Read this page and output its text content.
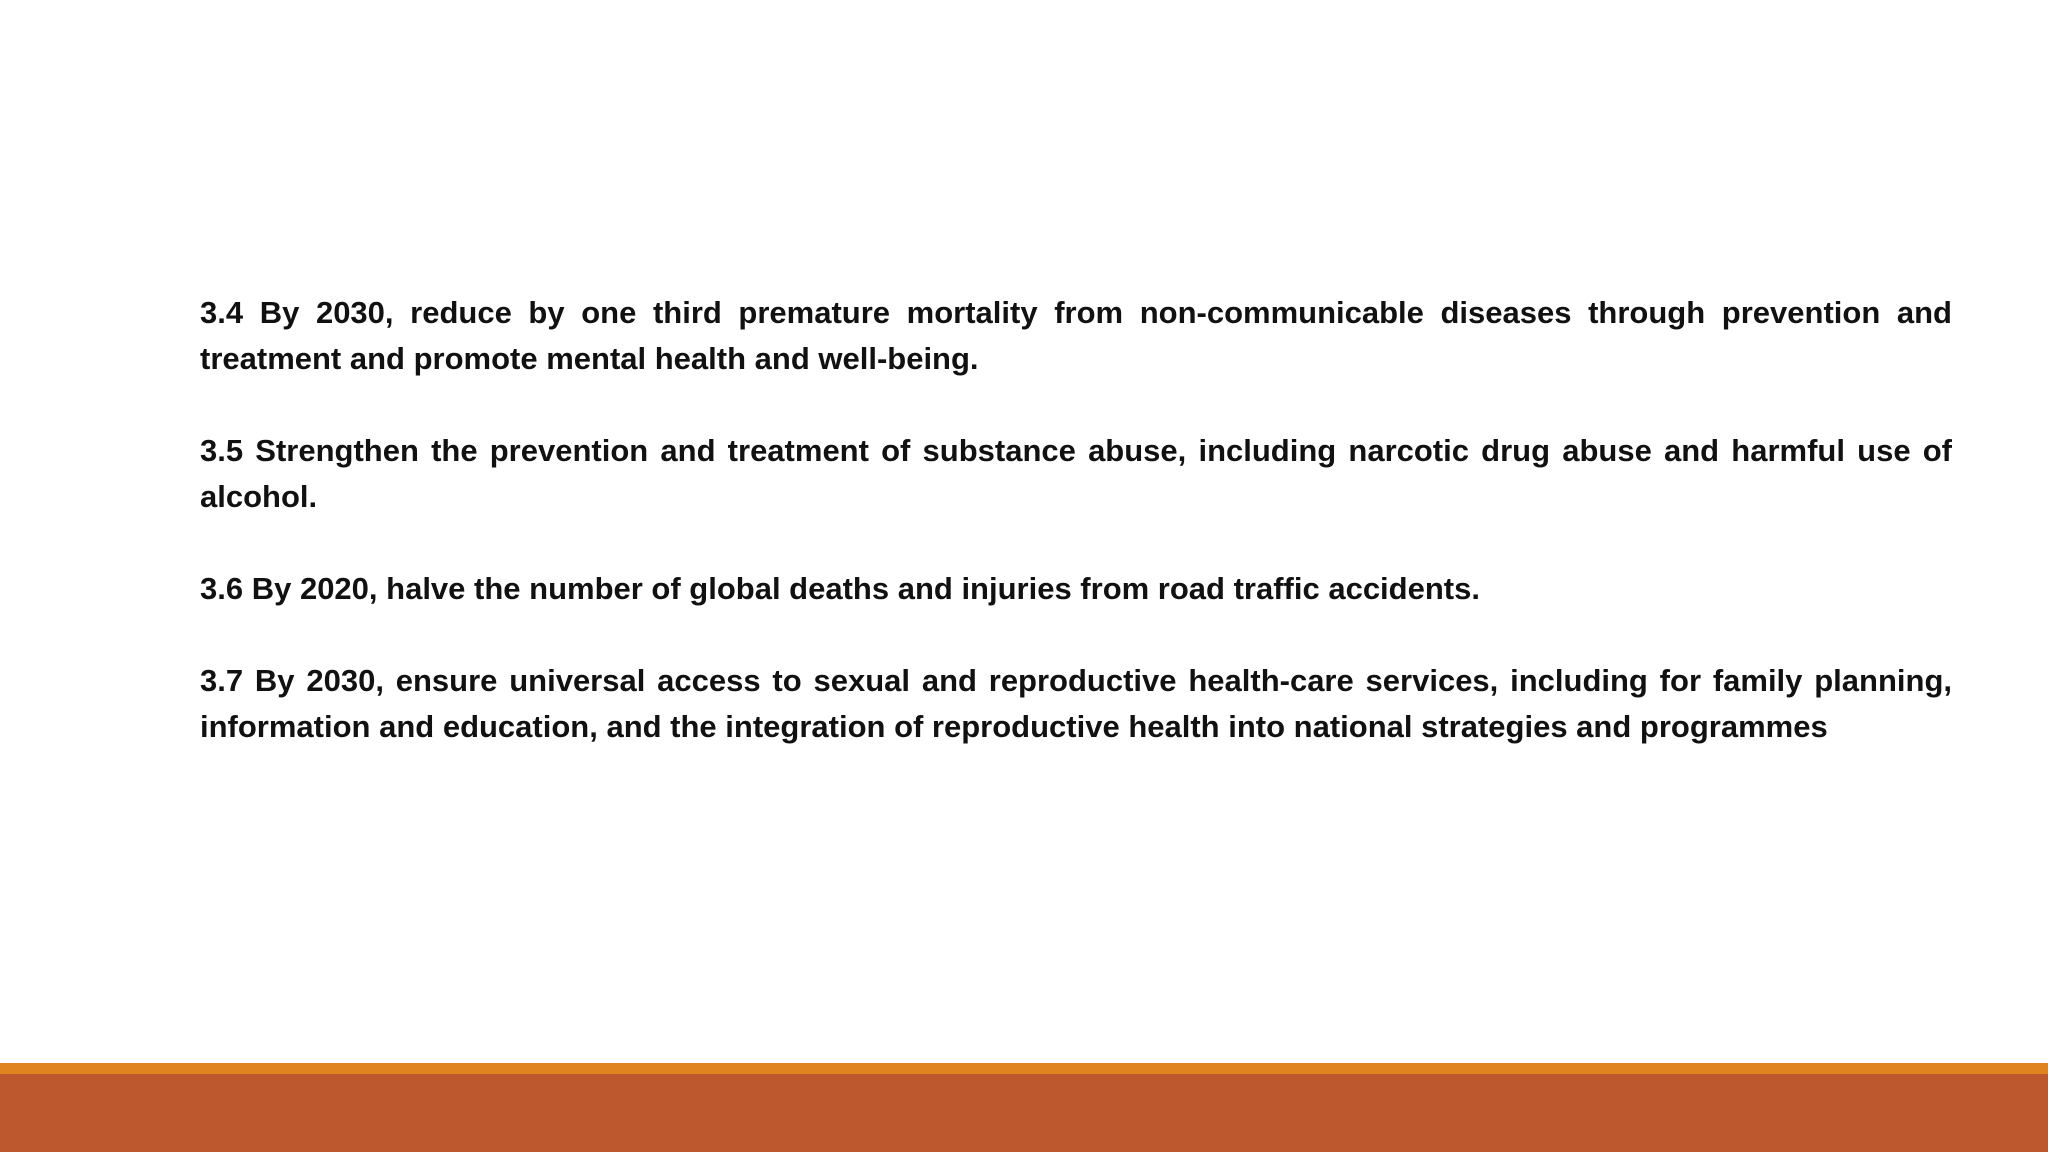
3.4 By 2030, reduce by one third premature mortality from non-communicable diseases through prevention and treatment and promote mental health and well-being.

3.5 Strengthen the prevention and treatment of substance abuse, including narcotic drug abuse and harmful use of alcohol.

3.6 By 2020, halve the number of global deaths and injuries from road traffic accidents.

3.7 By 2030, ensure universal access to sexual and reproductive health-care services, including for family planning, information and education, and the integration of reproductive health into national strategies and programmes
